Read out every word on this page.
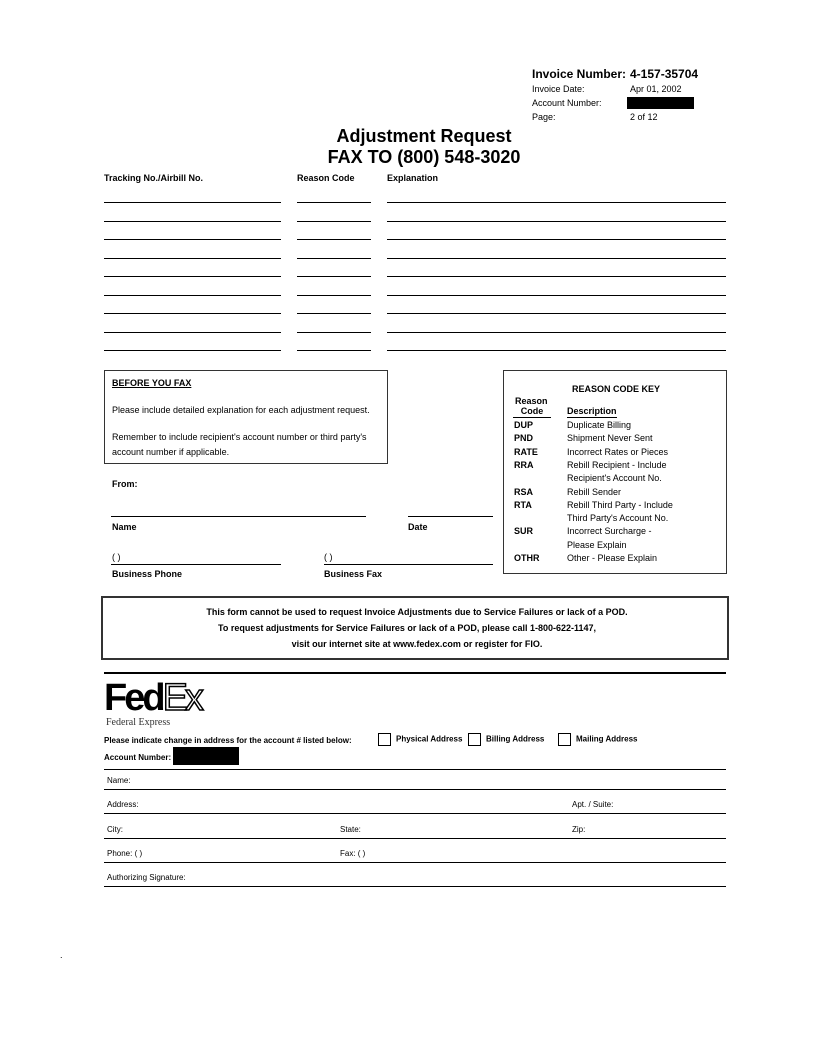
Invoice Number: 4-157-35704
Invoice Date:	Apr 01, 2002
Account Number:
Page:	2 of 12
Adjustment Request
FAX TO (800) 548-3020
Tracking No./Airbill No.	Reason Code	Explanation
BEFORE YOU FAX
Please include detailed explanation for each adjustment request.
Remember to include recipient's account number or third party's
account number if applicable.
From:
Name	Date
( )	( )
Business Phone	Business Fax
REASON CODE KEY
Reason
Code	Description
DUP	Duplicate Billing
PND	Shipment Never Sent
RATE	Incorrect Rates or Pieces
RRA	Rebill Recipient - Include
Recipient's Account No.
RSA	Rebill Sender
RTA	Rebill Third Party - Include
Third Party's Account No.
SUR	Incorrect Surcharge -
Please Explain
OTHR	Other - Please Explain
This form cannot be used to request Invoice Adjustments due to Service Failures or lack of a POD.
To request adjustments for Service Failures or lack of a POD, please call 1-800-622-1147,
visit our internet site at www.fedex.com or register for FIO.
FedEx
Federal Express
Please indicate change in address for the account # listed below:	Physical Address	Billing Address	Mailing Address
Account Number:
Name:
Address:	Apt. / Suite:
City:	State:	Zip:
Phone: ( )	Fax: ( )
Authorizing Signature:
.
